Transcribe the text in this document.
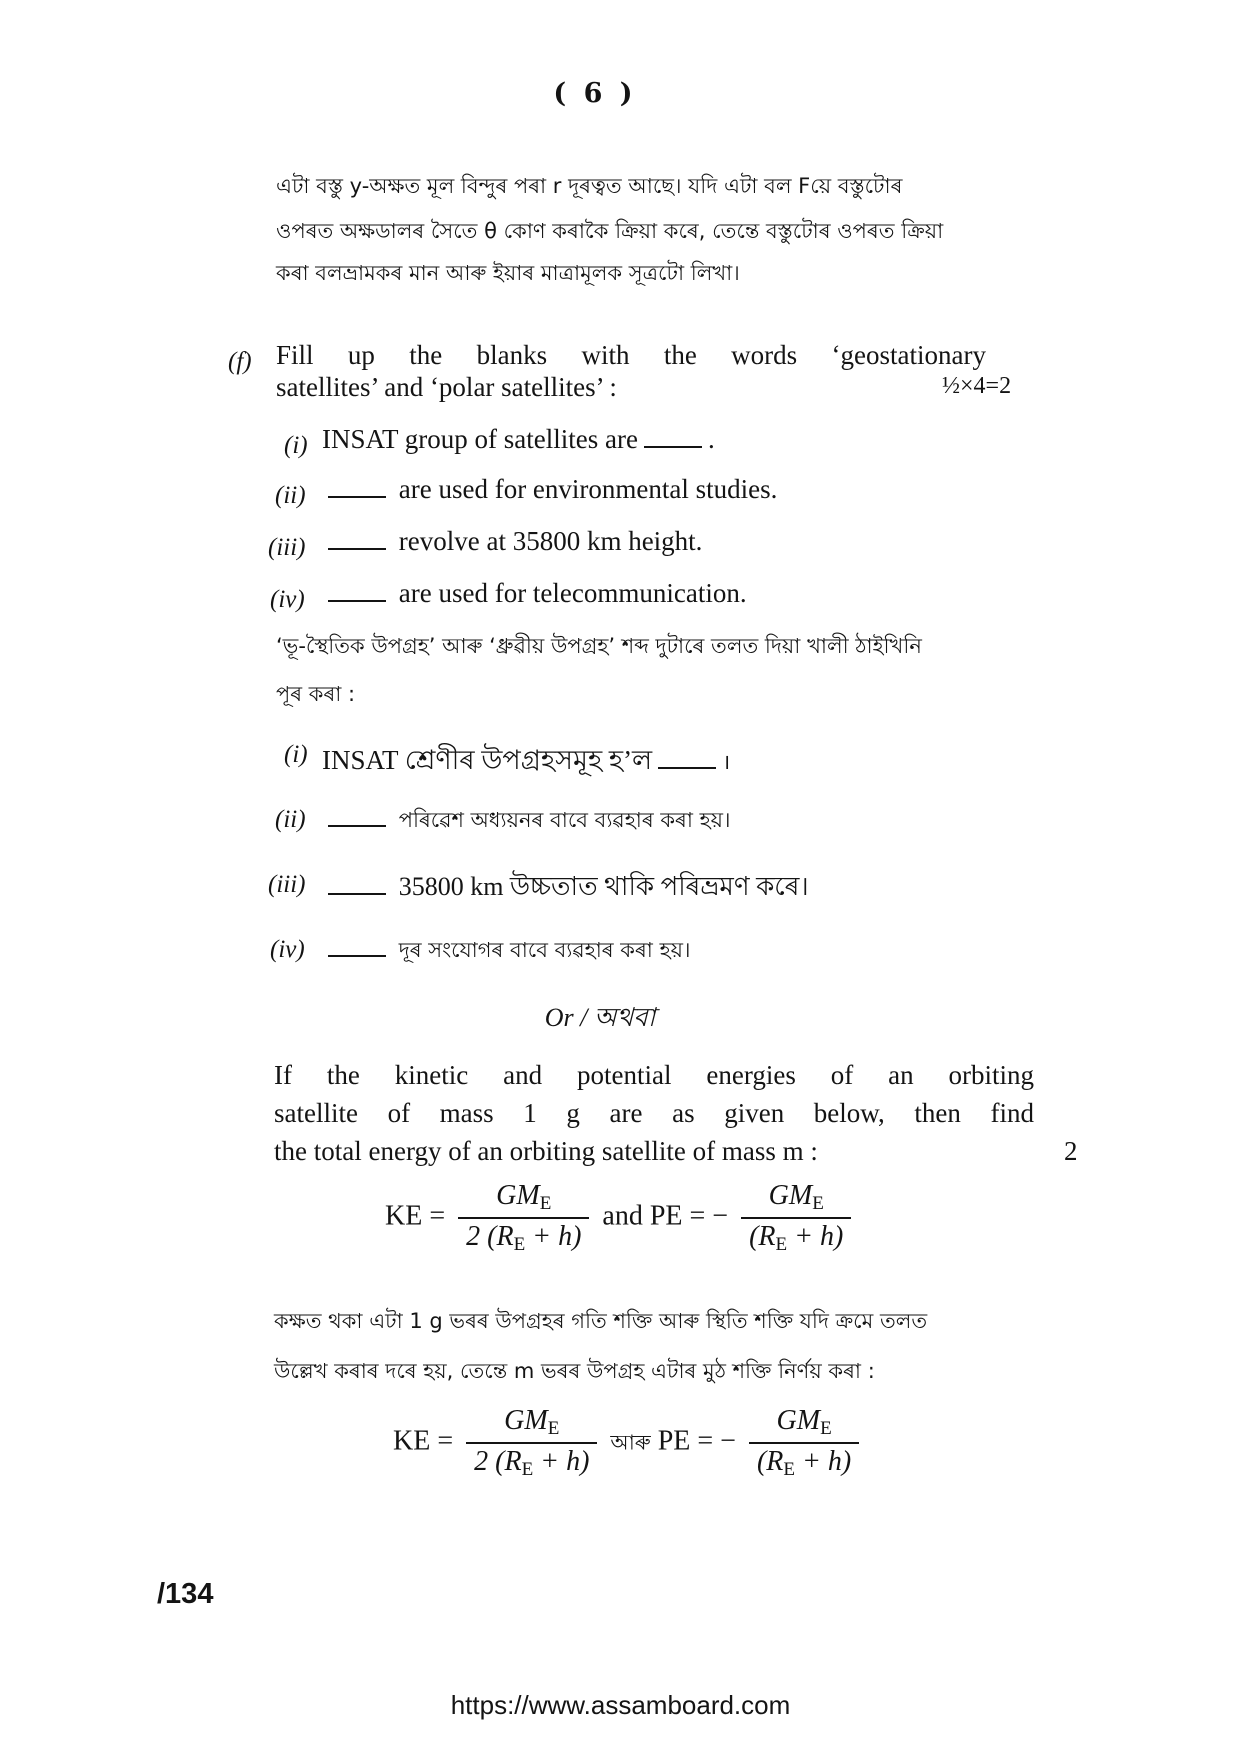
( 6 )
এটা বস্তু y-অক্ষত মূল বিন্দুৰ পৰা r দূৰত্বত আছে। যদি এটা বল Fয়ে বস্তুটোৰ
ওপৰত অক্ষডালৰ সৈতে θ কোণ কৰাকৈ ক্ৰিয়া কৰে, তেন্তে বস্তুটোৰ ওপৰত ক্ৰিয়া
কৰা বলভ্ৰামকৰ মান আৰু ইয়াৰ মাত্ৰামূলক সূত্ৰটো লিখা।
(f) Fill up the blanks with the words ‘geostationary
satellites’ and ‘polar satellites’ :	½×4=2
(i) INSAT group of satellites are	.
(ii)	are used for environmental studies.
(iii)	revolve at 35800 km height.
(iv)	are used for telecommunication.
‘ভূ-স্থৈতিক উপগ্ৰহ’ আৰু ‘ধ্ৰুৱীয় উপগ্ৰহ’ শব্দ দুটাৰে তলত দিয়া খালী ঠাইখিনি
পূৰ কৰা :
(i) INSAT শ্ৰেণীৰ উপগ্ৰহসমূহ হ’ল	।
(ii)	পৰিৱেশ অধ্যয়নৰ বাবে ব্যৱহাৰ কৰা হয়।
(iii)	35800 km উচ্চতাত থাকি পৰিভ্ৰমণ কৰে।
(iv)	দূৰ সংযোগৰ বাবে ব্যৱহাৰ কৰা হয়।
Or / অথবা
If the kinetic and potential energies of an orbiting
satellite of mass 1 g are as given below, then find
the total energy of an orbiting satellite of mass m :	2
KE = $\frac{GM_E}{2 (R_E + h)}$ and PE = − $\frac{GM_E}{(R_E + h)}$
কক্ষত থকা এটা 1 g ভৰৰ উপগ্ৰহৰ গতি শক্তি আৰু স্থিতি শক্তি যদি ক্ৰমে তলত
উল্লেখ কৰাৰ দৰে হয়, তেন্তে m ভৰৰ উপগ্ৰহ এটাৰ মুঠ শক্তি নিৰ্ণয় কৰা :
KE = $\frac{GM_E}{2 (R_E + h)}$ আৰু PE = − $\frac{GM_E}{(R_E + h)}$
/134
https://www.assamboard.com
